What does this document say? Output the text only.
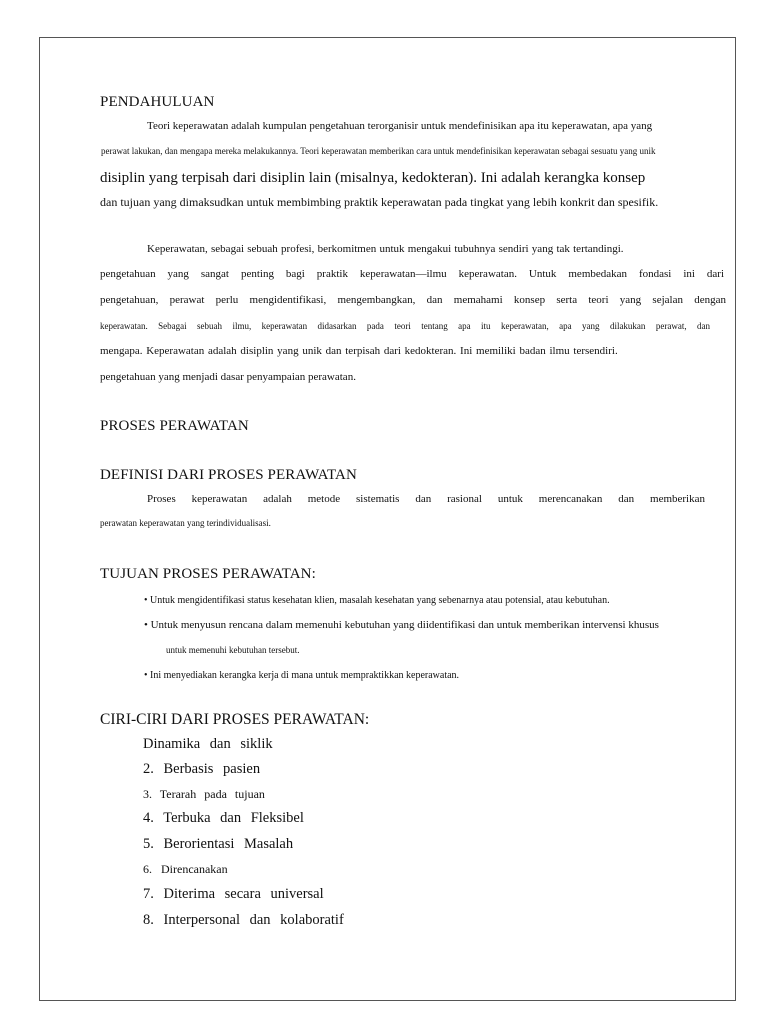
PENDAHULUAN

Teori keperawatan adalah kumpulan pengetahuan terorganisir untuk mendefinisikan apa itu keperawatan, apa yang

perawat lakukan, dan mengapa mereka melakukannya. Teori keperawatan memberikan cara untuk mendefinisikan keperawatan sebagai sesuatu yang unik

disiplin yang terpisah dari disiplin lain (misalnya, kedokteran). Ini adalah kerangka konsep

dan tujuan yang dimaksudkan untuk membimbing praktik keperawatan pada tingkat yang lebih konkrit dan spesifik.

Keperawatan, sebagai sebuah profesi, berkomitmen untuk mengakui tubuhnya sendiri yang tak tertandingi.

pengetahuan yang sangat penting bagi praktik keperawatan—ilmu keperawatan. Untuk membedakan fondasi ini dari

pengetahuan, perawat perlu mengidentifikasi, mengembangkan, dan memahami konsep serta teori yang sejalan dengan

keperawatan. Sebagai sebuah ilmu, keperawatan didasarkan pada teori tentang apa itu keperawatan, apa yang dilakukan perawat, dan

mengapa. Keperawatan adalah disiplin yang unik dan terpisah dari kedokteran. Ini memiliki badan ilmu tersendiri.

pengetahuan yang menjadi dasar penyampaian perawatan.

PROSES PERAWATAN

DEFINISI DARI PROSES PERAWATAN

Proses keperawatan adalah metode sistematis dan rasional untuk merencanakan dan memberikan

perawatan keperawatan yang terindividualisasi.

TUJUAN PROSES PERAWATAN:

• Untuk mengidentifikasi status kesehatan klien, masalah kesehatan yang sebenarnya atau potensial, atau kebutuhan.

• Untuk menyusun rencana dalam memenuhi kebutuhan yang diidentifikasi dan untuk memberikan intervensi khusus

untuk memenuhi kebutuhan tersebut.

• Ini menyediakan kerangka kerja di mana untuk mempraktikkan keperawatan.

CIRI-CIRI DARI PROSES PERAWATAN:

Dinamika dan siklik

2. Berbasis pasien

3. Terarah pada tujuan

4. Terbuka dan Fleksibel

5. Berorientasi Masalah

6. Direncanakan

7. Diterima secara universal

8. Interpersonal dan kolaboratif
